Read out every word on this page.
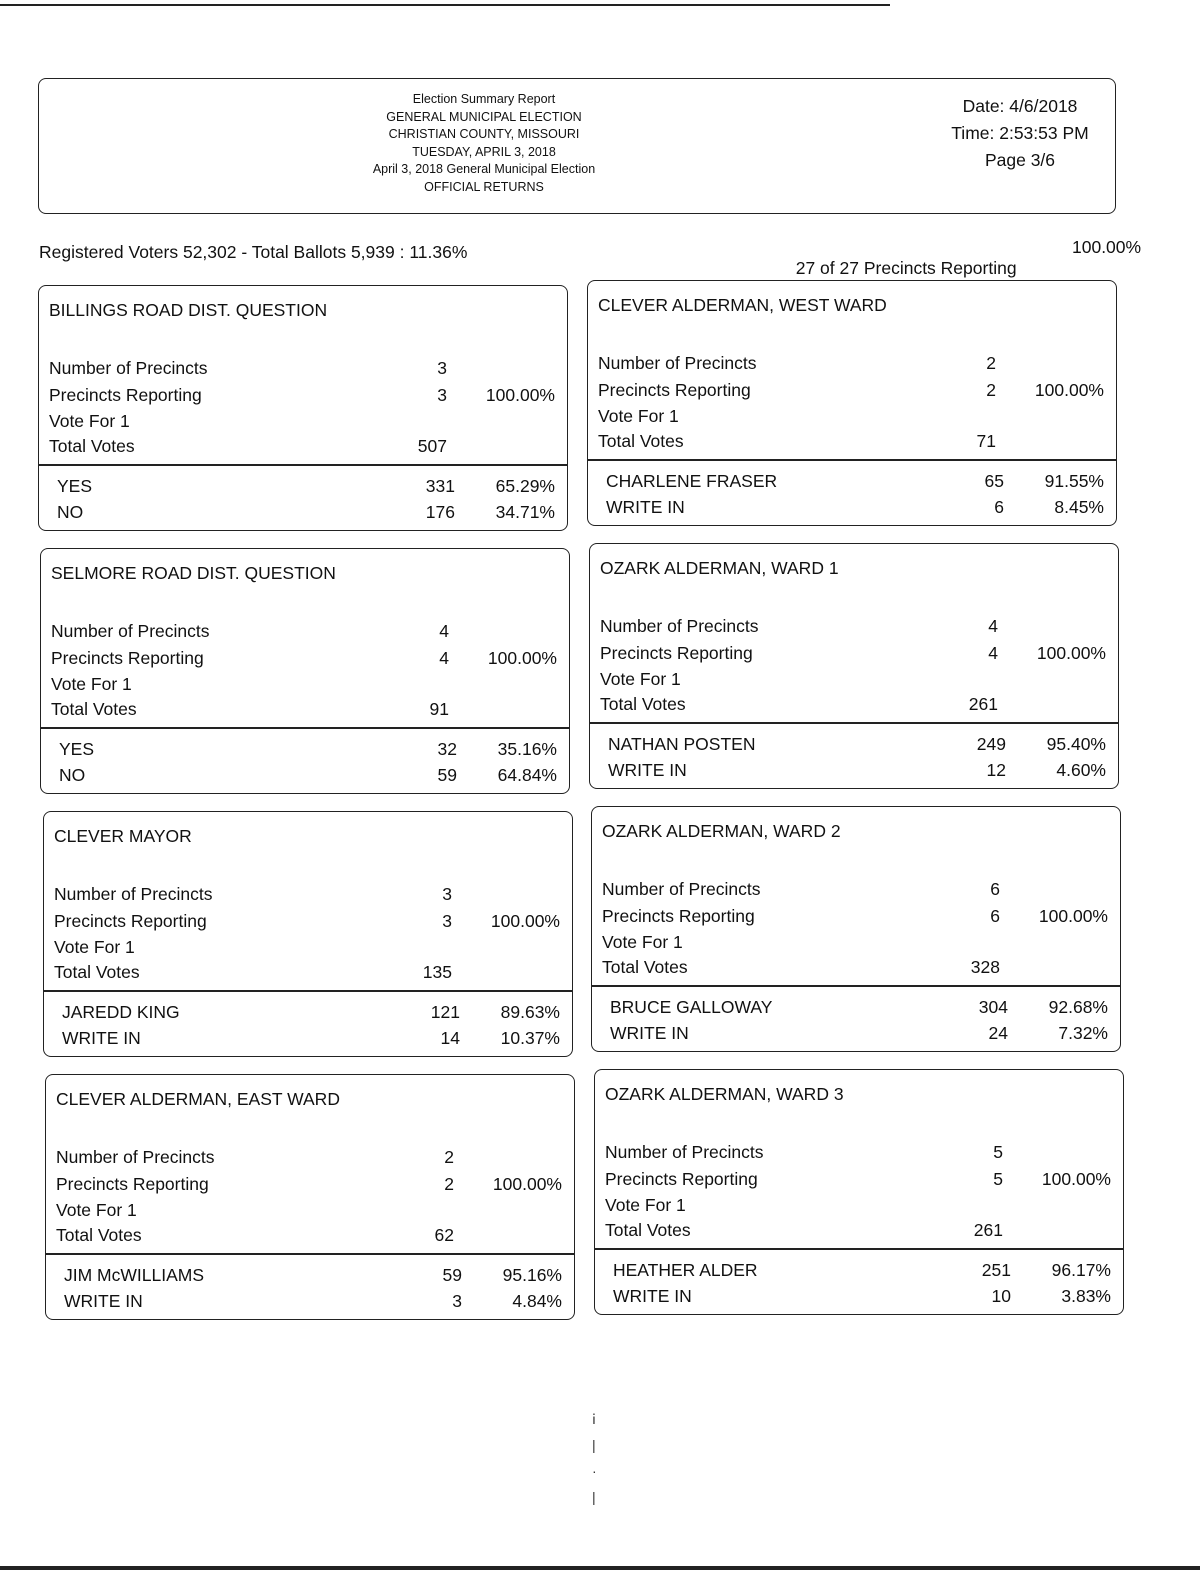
Election Summary Report
GENERAL MUNICIPAL ELECTION
CHRISTIAN COUNTY, MISSOURI
TUESDAY, APRIL 3, 2018
April 3, 2018 General Municipal Election
OFFICIAL RETURNS
Date: 4/6/2018
Time: 2:53:53 PM
Page 3/6
Registered Voters 52,302 - Total Ballots 5,939 : 11.36%

27 of 27 Precincts Reporting

100.00%

BILLINGS ROAD DIST. QUESTION
Number of Precincts	3
Precincts Reporting	3 100.00%
Vote For 1
Total Votes	507
YES	331 65.29%
NO	176 34.71%
CLEVER ALDERMAN, WEST WARD
Number of Precincts	2
Precincts Reporting	2 100.00%
Vote For 1
Total Votes	71
CHARLENE FRASER	65 91.55%
WRITE IN	6	8.45%
SELMORE ROAD DIST. QUESTION
Number of Precincts	4
Precincts Reporting	4 100.00%
Vote For 1
Total Votes	91
YES	32 35.16%
NO	59 64.84%
OZARK ALDERMAN, WARD 1
Number of Precincts	4
Precincts Reporting	4 100.00%
Vote For 1
Total Votes	261
NATHAN POSTEN	249 95.40%
WRITE IN	12	4.60%
CLEVER MAYOR
Number of Precincts	3
Precincts Reporting	3 100.00%
Vote For 1
Total Votes	135
JAREDD KING	121 89.63%
WRITE IN	14 10.37%
OZARK ALDERMAN, WARD 2
Number of Precincts	6
Precincts Reporting	6 100.00%
Vote For 1
Total Votes	328
BRUCE GALLOWAY	304 92.68%
WRITE IN	24	7.32%
CLEVER ALDERMAN, EAST WARD
Number of Precincts	2
Precincts Reporting	2 100.00%
Vote For 1
Total Votes	62
JIM McWILLIAMS	59 95.16%
WRITE IN	3	4.84%
OZARK ALDERMAN, WARD 3
Number of Precincts	5
Precincts Reporting	5 100.00%
Vote For 1
Total Votes	261
HEATHER ALDER	251 96.17%
WRITE IN	10	3.83%
ⅰ
|
·
|
